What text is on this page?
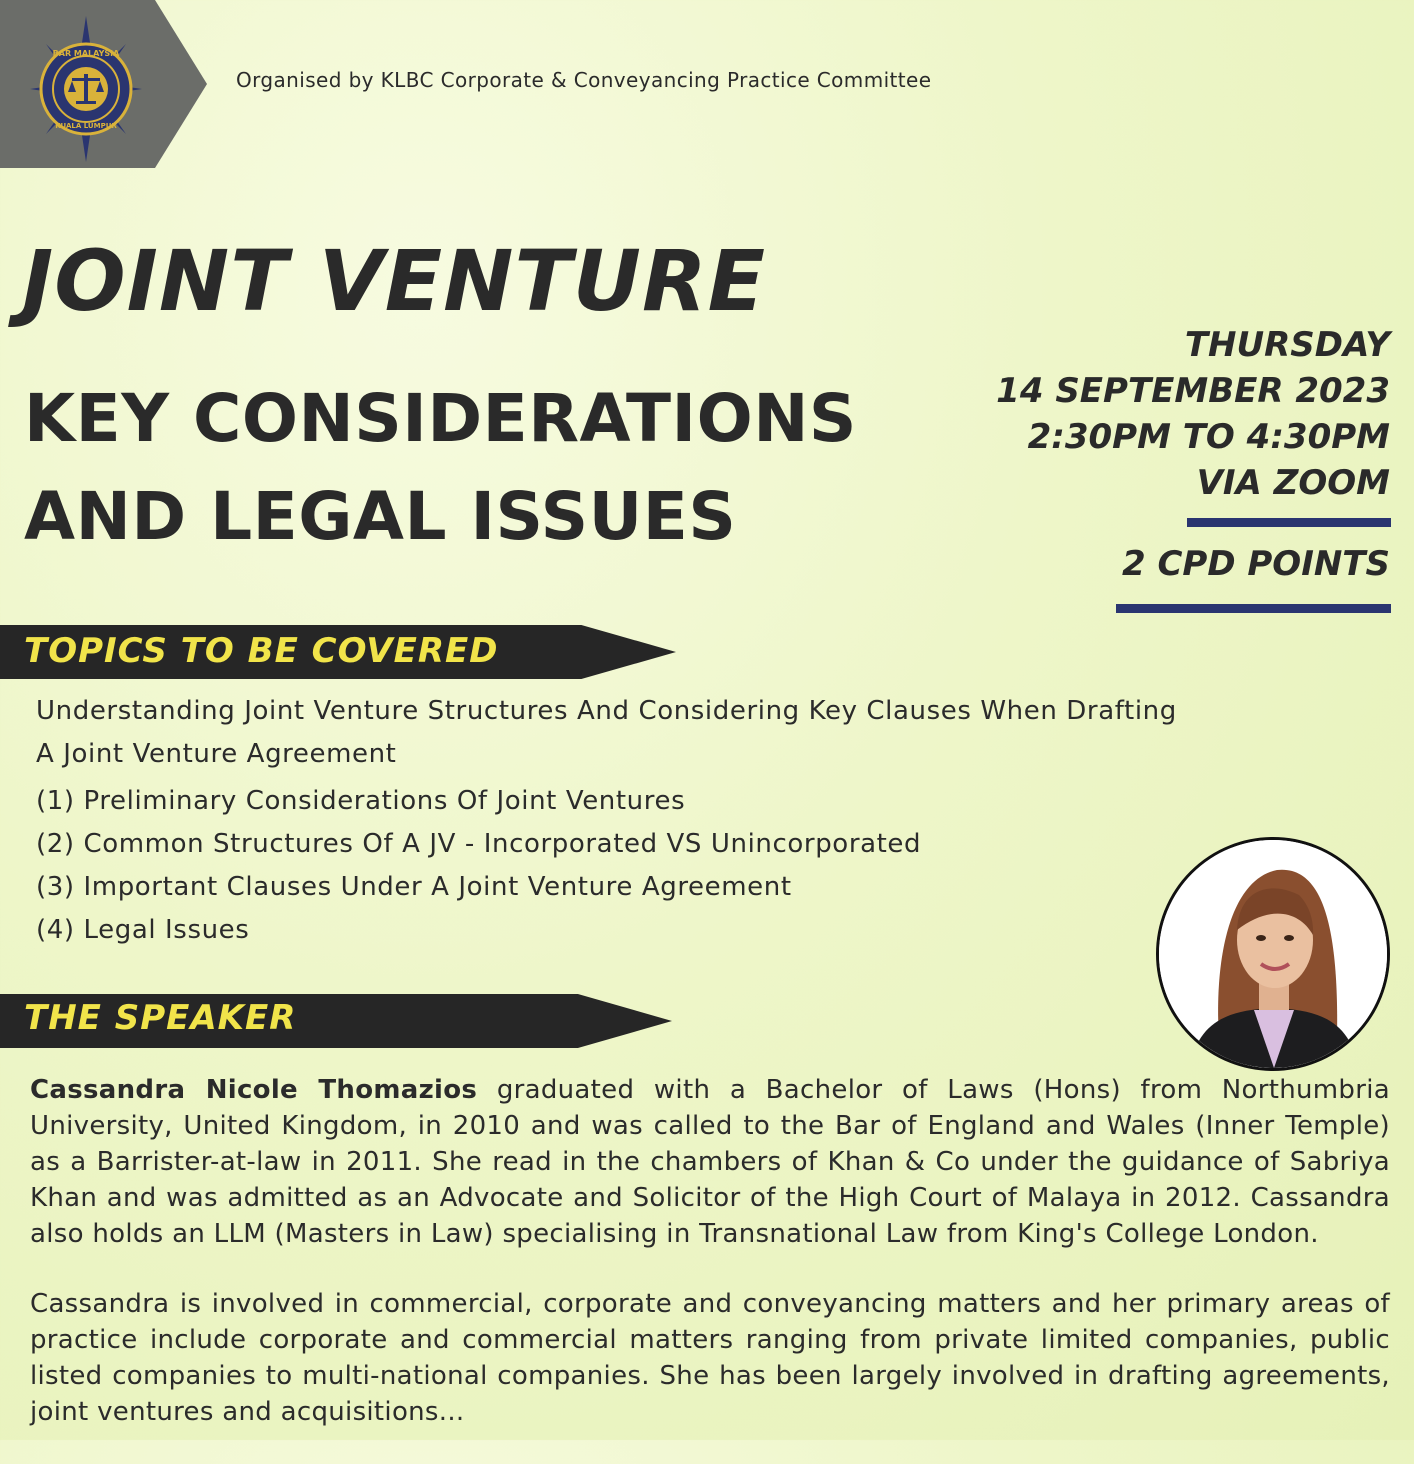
BAR MALAYSIA
KUALA LUMPUR
Organised by KLBC Corporate & Conveyancing Practice Committee
JOINT VENTURE
KEY CONSIDERATIONS
AND LEGAL ISSUES
THURSDAY
14 SEPTEMBER 2023
2:30PM TO 4:30PM
VIA ZOOM
2 CPD POINTS
TOPICS TO BE COVERED
Understanding Joint Venture Structures And Considering Key Clauses When Drafting
A Joint Venture Agreement
(1) Preliminary Considerations Of Joint Ventures
(2) Common Structures Of A JV - Incorporated VS Unincorporated
(3) Important Clauses Under A Joint Venture Agreement
(4) Legal Issues
THE SPEAKER

Cassandra Nicole Thomazios graduated with a Bachelor of Laws (Hons) from Northumbria University, United Kingdom, in 2010 and was called to the Bar of England and Wales (Inner Temple) as a Barrister-at-law in 2011. She read in the chambers of Khan & Co under the guidance of Sabriya Khan and was admitted as an Advocate and Solicitor of the High Court of Malaya in 2012. Cassandra also holds an LLM (Masters in Law) specialising in Transnational Law from King's College London.

Cassandra is involved in commercial, corporate and conveyancing matters and her primary areas of practice include corporate and commercial matters ranging from private limited companies, public listed companies to multi-national companies. She has been largely involved in drafting agreements, joint ventures and acquisitions...
